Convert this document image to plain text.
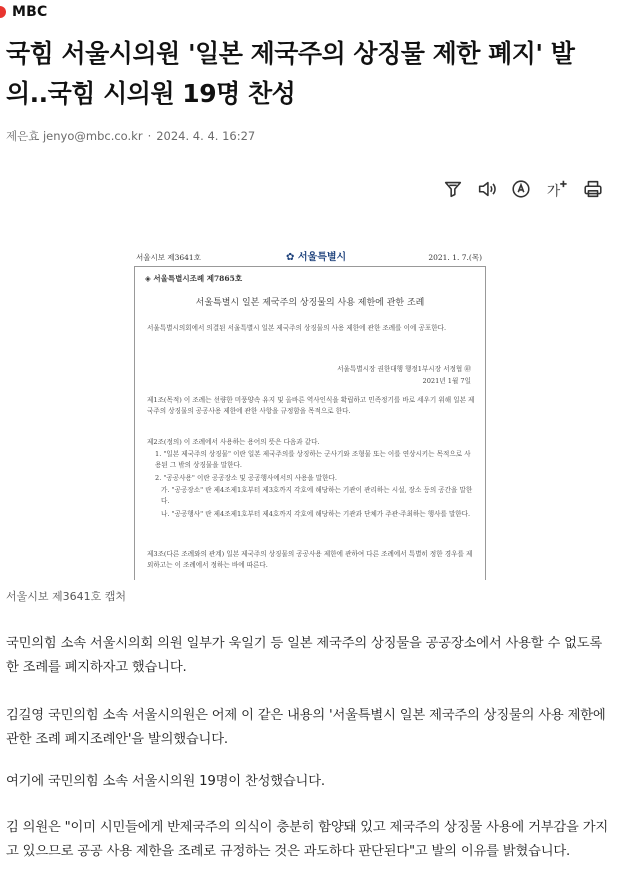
MBC
국힘 서울시의원 '일본 제국주의 상징물 제한 폐지' 발의..국힘 시의원 19명 찬성
제은효 jenyo@mbc.co.kr · 2024. 4. 4. 16:27
가
서울시보 제3641호	✿ 서울특별시	2021. 1. 7.(목)
◈ 서울특별시조례 제7865호
서울특별시 일본 제국주의 상징물의 사용 제한에 관한 조례
서울특별시의회에서 의결된 서울특별시 일본 제국주의 상징물의 사용 제한에 관한 조례를 이에 공포한다.
서울특별시장 권한대행 행정1부시장 서정협 ㊞
2021년 1월 7일
제1조(목적) 이 조례는 선량한 미풍양속 유지 및 올바른 역사인식을 확립하고 민족정기를 바로 세우기 위해 일본 제국주의 상징물의 공공사용 제한에 관한 사항을 규정함을 목적으로 한다.
제2조(정의) 이 조례에서 사용하는 용어의 뜻은 다음과 같다.
1. "일본 제국주의 상징물" 이란 일본 제국주의를 상징하는 군사기와 조형물 또는 이를 연상시키는 목적으로 사용된 그 밖의 상징물을 말한다.
2. "공공사용" 이란 공공장소 및 공공행사에서의 사용을 말한다.
가. "공공장소" 란 제4조제1호부터 제3호까지 각호에 해당하는 기관이 관리하는 시설, 장소 등의 공간을 말한다.
나. "공공행사" 란 제4조제1호부터 제4호까지 각호에 해당하는 기관과 단체가 주관·주최하는 행사를 말한다.
제3조(다른 조례와의 관계) 일본 제국주의 상징물의 공공사용 제한에 관하여 다른 조례에서 특별히 정한 경우를 제외하고는 이 조례에서 정하는 바에 따른다.
서울시보 제3641호 캡처

국민의힘 소속 서울시의회 의원 일부가 욱일기 등 일본 제국주의 상징물을 공공장소에서 사용할 수 없도록 한 조례를 폐지하자고 했습니다.

김길영 국민의힘 소속 서울시의원은 어제 이 같은 내용의 '서울특별시 일본 제국주의 상징물의 사용 제한에 관한 조례 폐지조례안'을 발의했습니다.

여기에 국민의힘 소속 서울시의원 19명이 찬성했습니다.

김 의원은 "이미 시민들에게 반제국주의 의식이 충분히 함양돼 있고 제국주의 상징물 사용에 거부감을 가지고 있으므로 공공 사용 제한을 조례로 규정하는 것은 과도하다 판단된다"고 발의 이유를 밝혔습니다.
